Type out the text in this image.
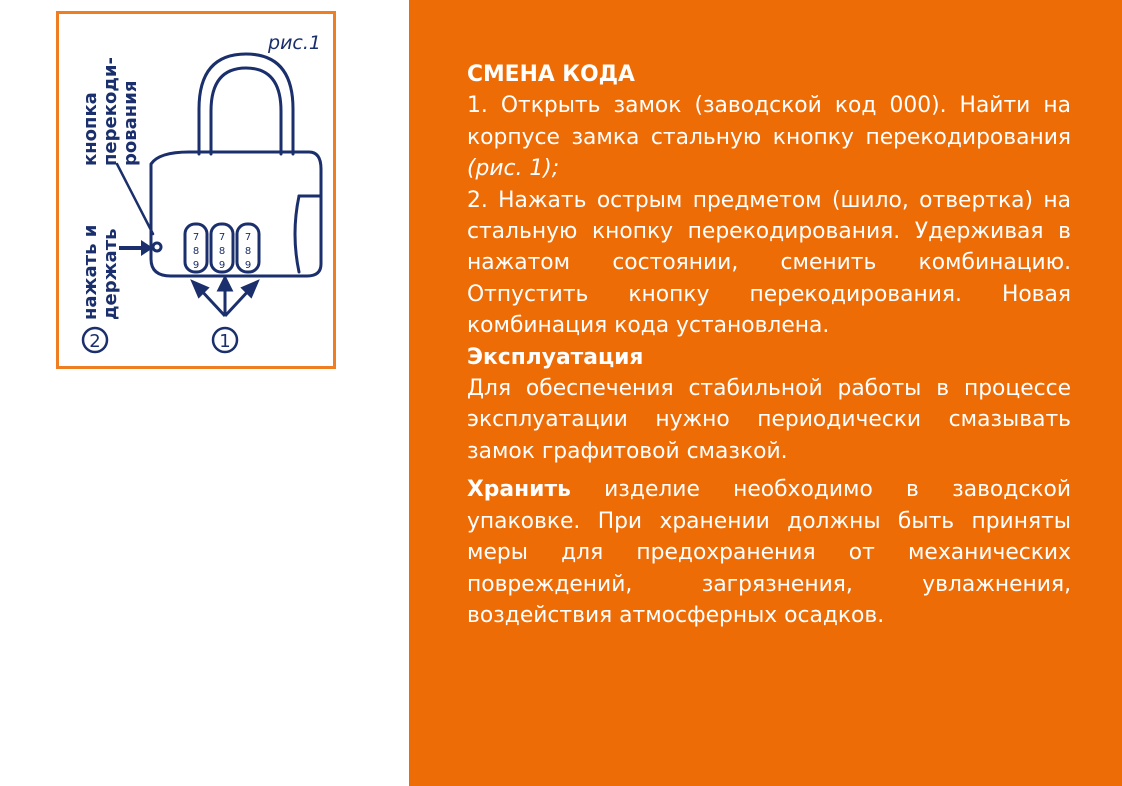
1
2
7
8
9
7
8
9
7
8
9
рис.1
кнопка перекоди- рования
нажать и держать

СМЕНА КОДА

1. Открыть замок (заводской код 000). Найти на корпусе замка стальную кнопку перекодирования (рис. 1);

2. Нажать острым предметом (шило, отвертка) на стальную кнопку перекодирования. Удерживая в нажатом состоянии, сменить комбинацию. Отпустить кнопку перекодирования. Новая комбинация кода установлена.

Эксплуатация

Для обеспечения стабильной работы в процессе эксплуатации нужно периодически смазывать замок графитовой смазкой.

Хранить изделие необходимо в заводской упаковке. При хранении должны быть приняты меры для предохранения от механических повреждений, загрязнения, увлажнения, воздействия атмосферных осадков.
